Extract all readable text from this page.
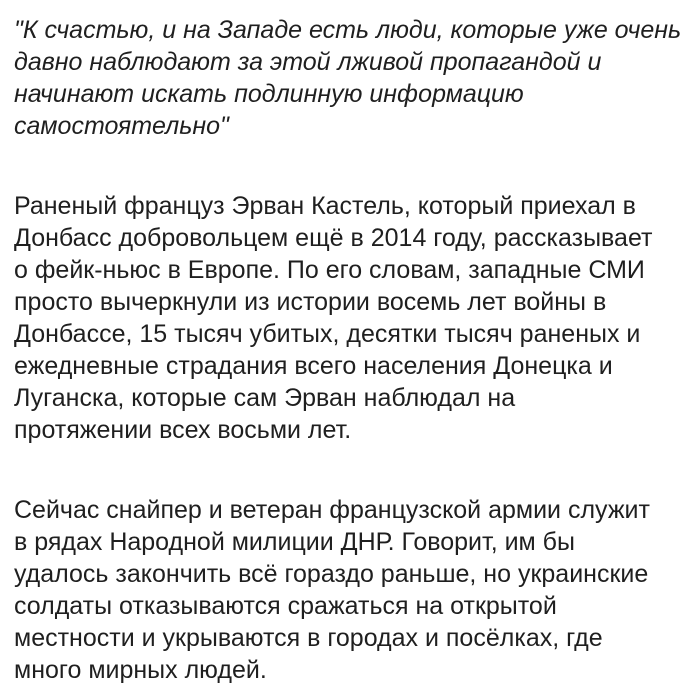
"К счастью, и на Западе есть люди, которые уже очень
давно наблюдают за этой лживой пропагандой и
начинают искать подлинную информацию
самостоятельно"

Раненый француз Эрван Кастель, который приехал в
Донбасс добровольцем ещё в 2014 году, рассказывает
о фейк-ньюс в Европе. По его словам, западные СМИ
просто вычеркнули из истории восемь лет войны в
Донбассе, 15 тысяч убитых, десятки тысяч раненых и
ежедневные страдания всего населения Донецка и
Луганска, которые сам Эрван наблюдал на
протяжении всех восьми лет.

Сейчас снайпер и ветеран французской армии служит
в рядах Народной милиции ДНР. Говорит, им бы
удалось закончить всё гораздо раньше, но украинские
солдаты отказываются сражаться на открытой
местности и укрываются в городах и посёлках, где
много мирных людей.
